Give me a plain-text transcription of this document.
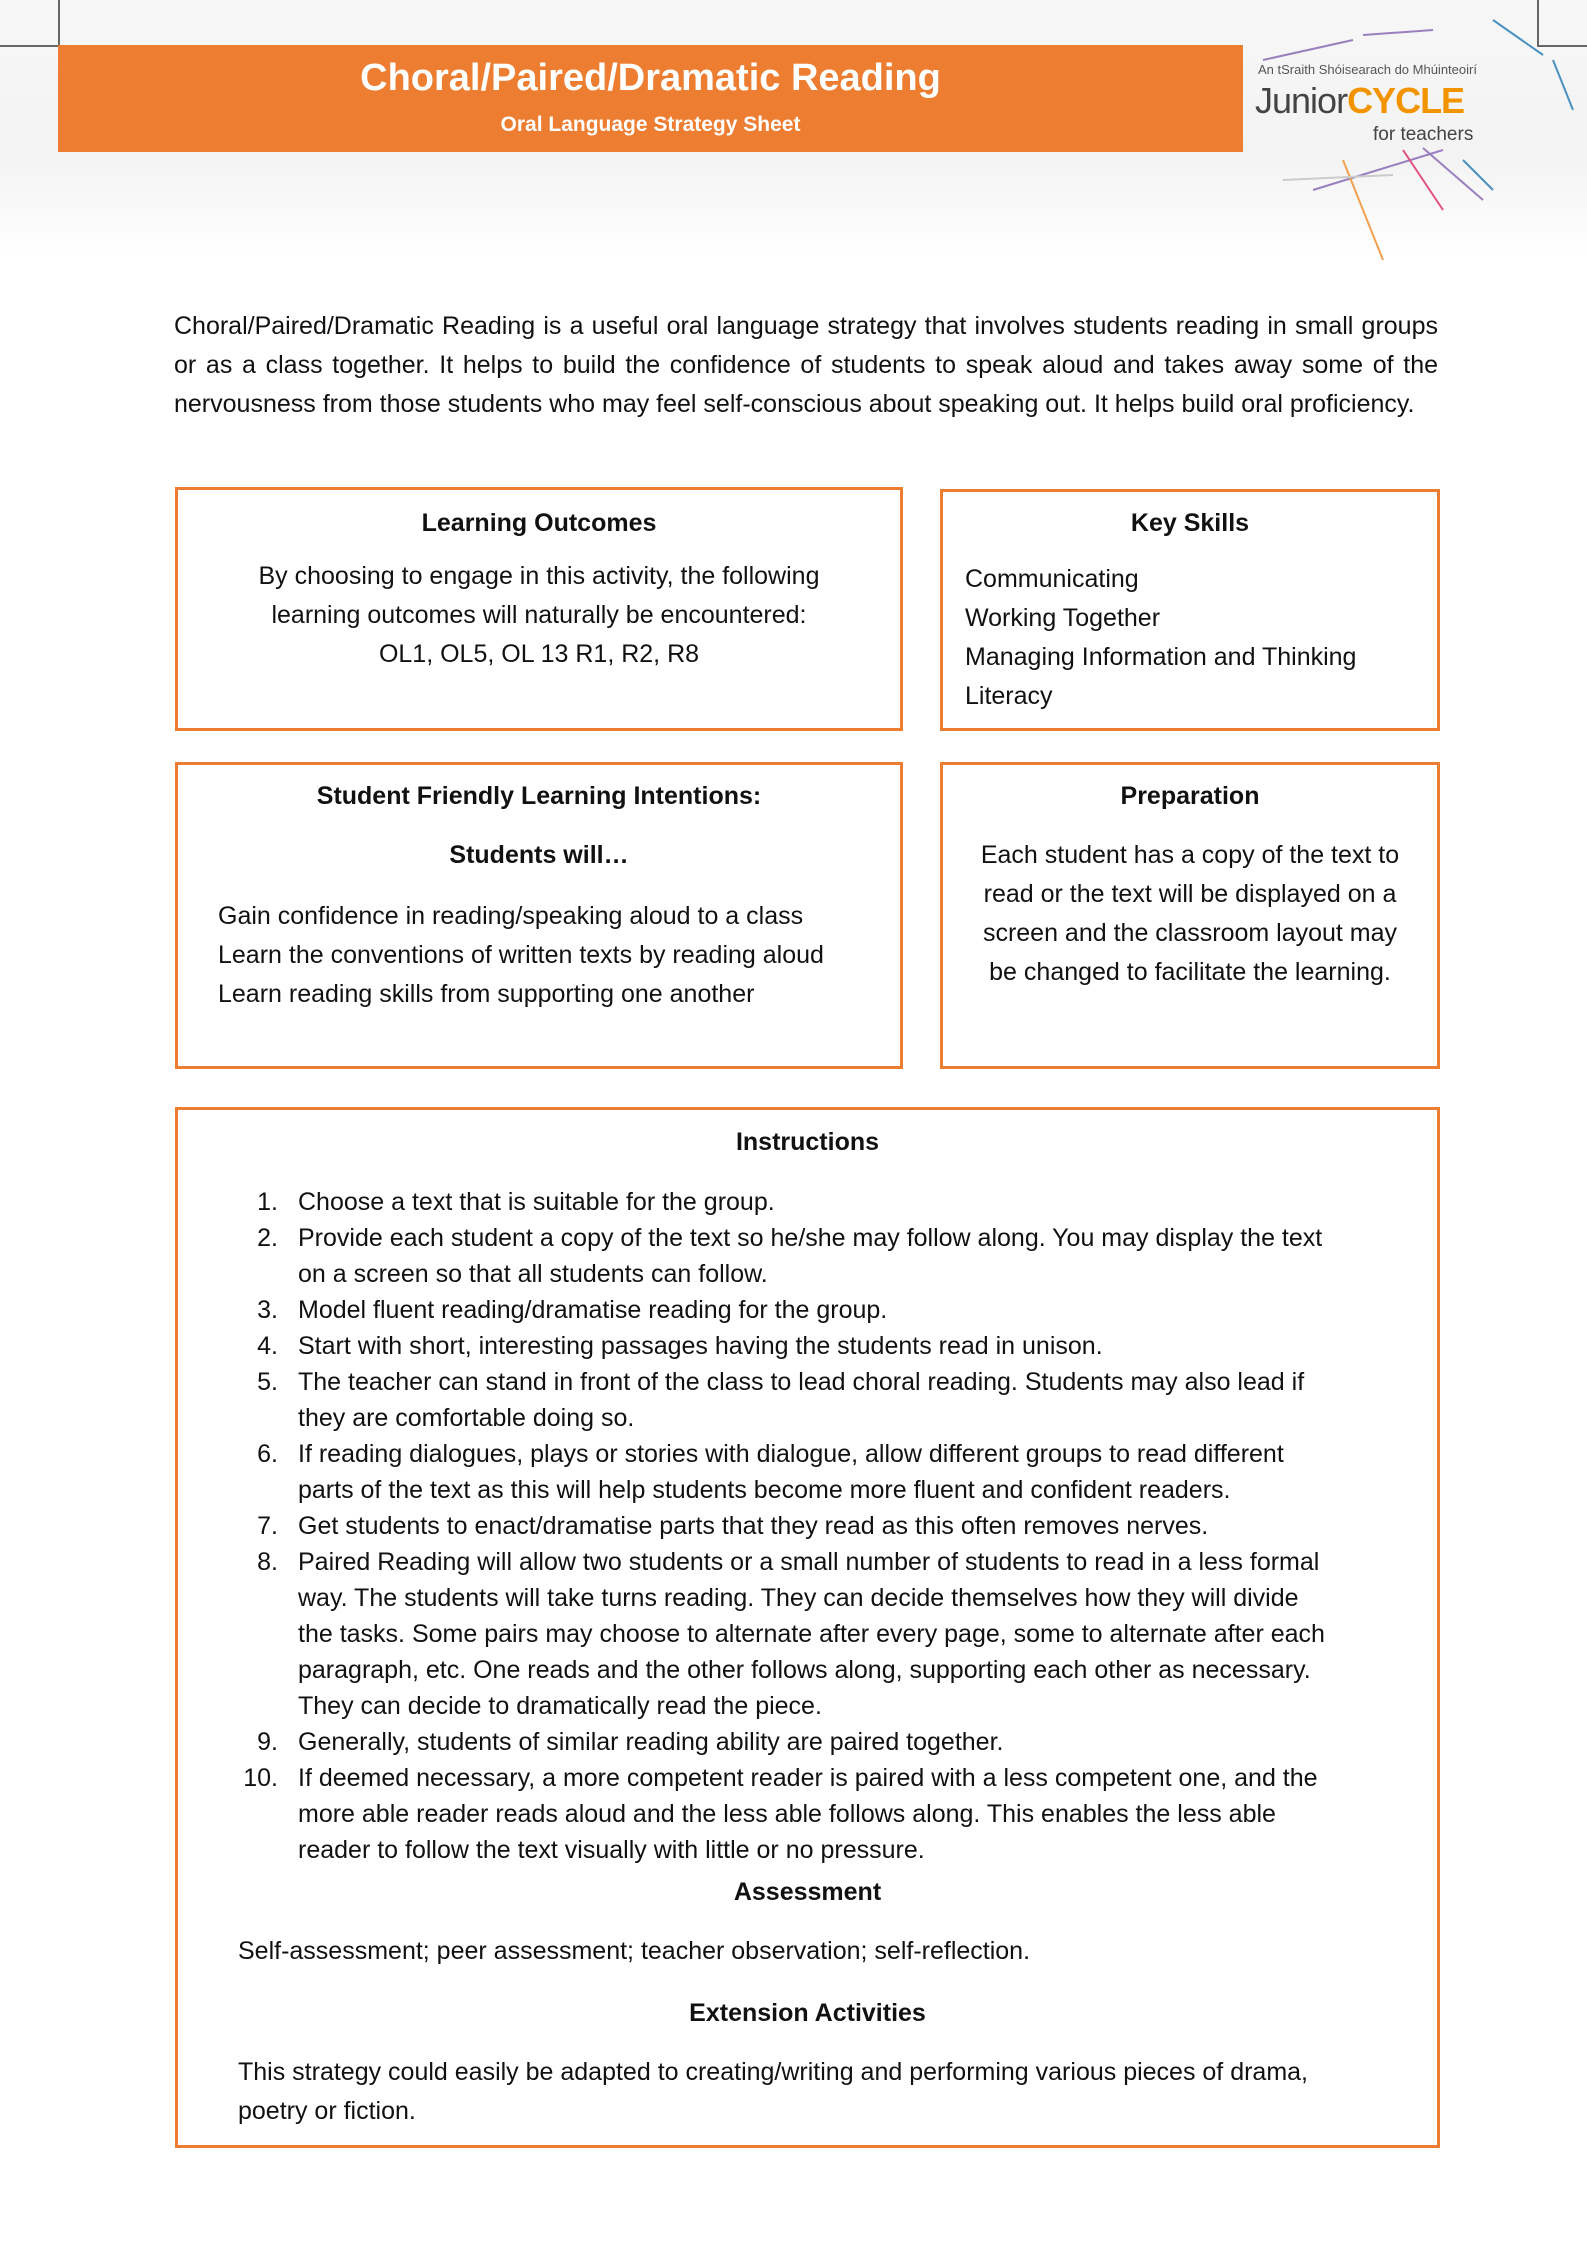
Choral/Paired/Dramatic Reading
Oral Language Strategy Sheet
An tSraith Shóisearach do Mhúinteoirí
JuniorCYCLE
for teachers

Choral/Paired/Dramatic Reading is a useful oral language strategy that involves students reading in small groups or as a class together. It helps to build the confidence of students to speak aloud and takes away some of the nervousness from those students who may feel self-conscious about speaking out. It helps build oral proficiency.

Learning Outcomes
By choosing to engage in this activity, the following
learning outcomes will naturally be encountered:
OL1, OL5, OL 13 R1, R2, R8
Key Skills
Communicating
Working Together
Managing Information and Thinking
Literacy
Student Friendly Learning Intentions:
Students will…
Gain confidence in reading/speaking aloud to a class
Learn the conventions of written texts by reading aloud
Learn reading skills from supporting one another
Preparation
Each student has a copy of the text to
read or the text will be displayed on a
screen and the classroom layout may
be changed to facilitate the learning.
Instructions
1. Choose a text that is suitable for the group.
2. Provide each student a copy of the text so he/she may follow along. You may display the text
on a screen so that all students can follow.
3. Model fluent reading/dramatise reading for the group.
4. Start with short, interesting passages having the students read in unison.
5. The teacher can stand in front of the class to lead choral reading. Students may also lead if
they are comfortable doing so.
6. If reading dialogues, plays or stories with dialogue, allow different groups to read different
parts of the text as this will help students become more fluent and confident readers.
7. Get students to enact/dramatise parts that they read as this often removes nerves.
8. Paired Reading will allow two students or a small number of students to read in a less formal
way. The students will take turns reading. They can decide themselves how they will divide
the tasks. Some pairs may choose to alternate after every page, some to alternate after each
paragraph, etc. One reads and the other follows along, supporting each other as necessary.
They can decide to dramatically read the piece.
9. Generally, students of similar reading ability are paired together.
10. If deemed necessary, a more competent reader is paired with a less competent one, and the
more able reader reads aloud and the less able follows along. This enables the less able
reader to follow the text visually with little or no pressure.
Assessment

Self-assessment; peer assessment; teacher observation; self-reflection.

Extension Activities
This strategy could easily be adapted to creating/writing and performing various pieces of drama,
poetry or fiction.
